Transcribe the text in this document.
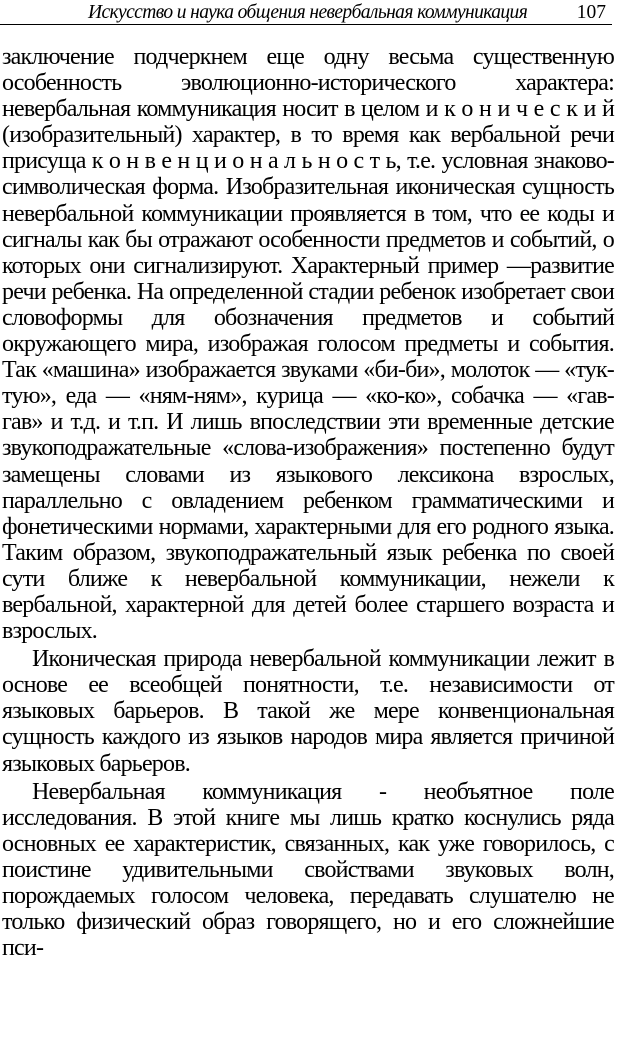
Искусство и наука общения невербальная коммуникация	107

заключение подчеркнем еще одну весьма существенную особенность эволюционно-исторического характера: невербальная коммуникация носит в целом и к о н и ч е с к и й (изобразительный) характер, в то время как вербальной речи присуща к о н в е н ц и о н а л ь н о с т ь, т.е. условная знаково-символическая форма. Изобразительная иконическая сущность невербальной коммуникации проявляется в том, что ее коды и сигналы как бы отражают особенности предметов и событий, о которых они сигнализируют. Характерный пример —развитие речи ребенка. На определенной стадии ребенок изобретает свои словоформы для обозначения предметов и событий окружающего мира, изображая голосом предметы и события. Так «машина» изображается звуками «би-би», молоток — «тук-тую», еда — «ням-ням», курица — «ко-ко», собачка — «гав-гав» и т.д. и т.п. И лишь впоследствии эти временные детские звукоподражательные «слова-изображения» постепенно будут замещены словами из языкового лексикона взрослых, параллельно с овладением ребенком грамматическими и фонетическими нормами, характерными для его родного языка. Таким образом, звукоподражательный язык ребенка по своей сути ближе к невербальной коммуникации, нежели к вербальной, характерной для детей более старшего возраста и взрослых.

Иконическая природа невербальной коммуникации лежит в основе ее всеобщей понятности, т.е. независимости от языковых барьеров. В такой же мере конвенциональная сущность каждого из языков народов мира является причиной языковых барьеров.

Невербальная коммуникация - необъятное поле исследования. В этой книге мы лишь кратко коснулись ряда основных ее характеристик, связанных, как уже говорилось, с поистине удивительными свойствами звуковых волн, порождаемых голосом человека, передавать слушателю не только физический образ говорящего, но и его сложнейшие пси-
